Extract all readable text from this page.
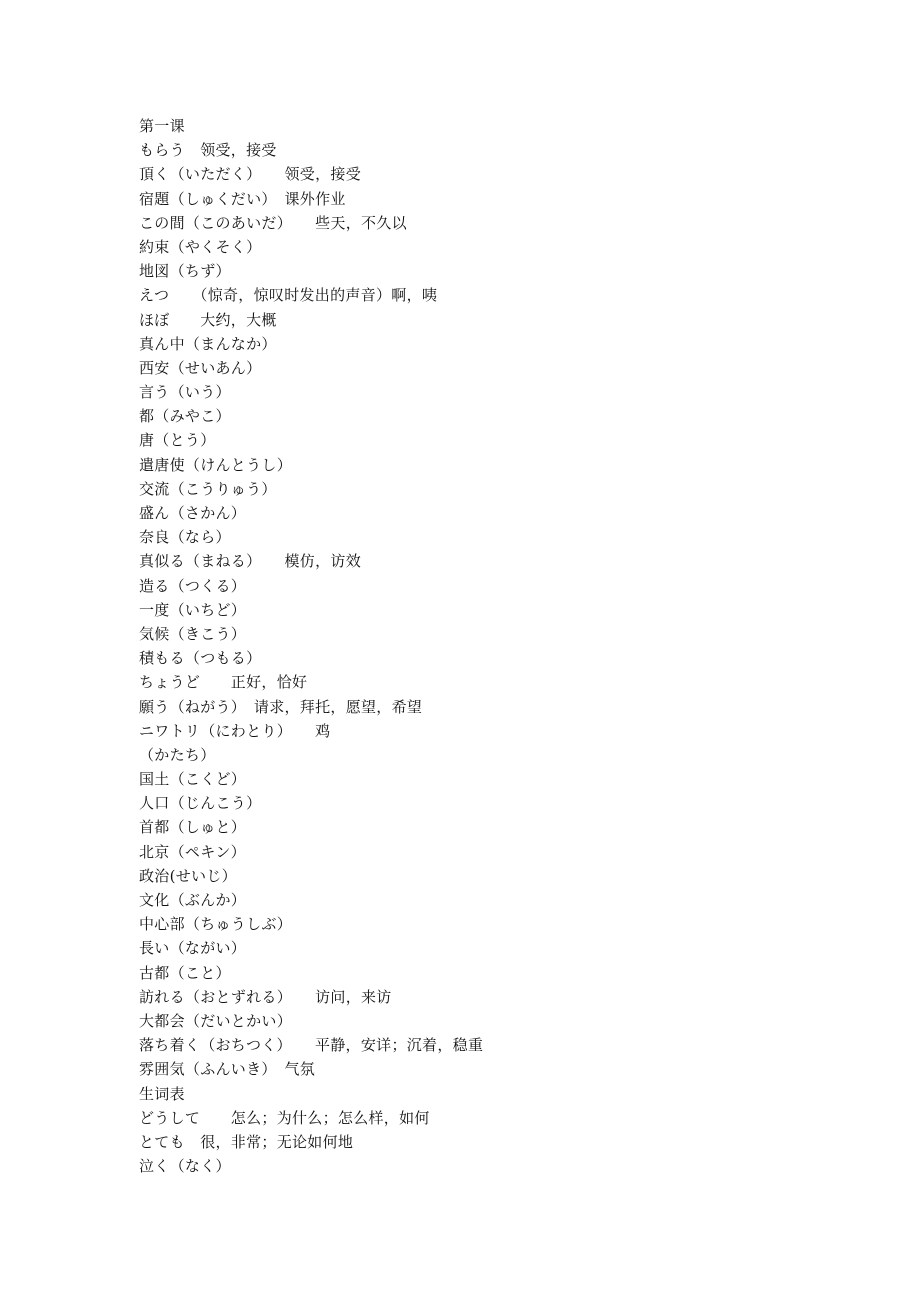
第一课
もらう　领受，接受
頂く（いただく）　　领受，接受
宿題（しゅくだい）　课外作业
この間（このあいだ）　　些天，不久以
約束（やくそく）
地図（ちず）
えつ　　（惊奇，惊叹时发出的声音）啊，咦
ほぼ　　大约，大概
真ん中（まんなか）
西安（せいあん）
言う（いう）
都（みやこ）
唐（とう）
遣唐使（けんとうし）
交流（こうりゅう）
盛ん（さかん）
奈良（なら）
真似る（まねる）　　模仿，访效
造る（つくる）
一度（いちど）
気候（きこう）
積もる（つもる）
ちょうど　　正好，恰好
願う（ねがう）　请求，拜托，愿望，希望
ニワトリ（にわとり）　　鸡
（かたち）
国土（こくど）
人口（じんこう）
首都（しゅと）
北京（ペキン）
政治(せいじ）
文化（ぶんか）
中心部（ちゅうしぶ）
長い（ながい）
古都（こと）
訪れる（おとずれる）　　访问，来访
大都会（だいとかい）
落ち着く（おちつく）　　平静，安详；沉着，稳重
雰囲気（ふんいき）　气氛
生词表
どうして　　怎么；为什么；怎么样，如何
とても　很，非常；无论如何地
泣く（なく）
